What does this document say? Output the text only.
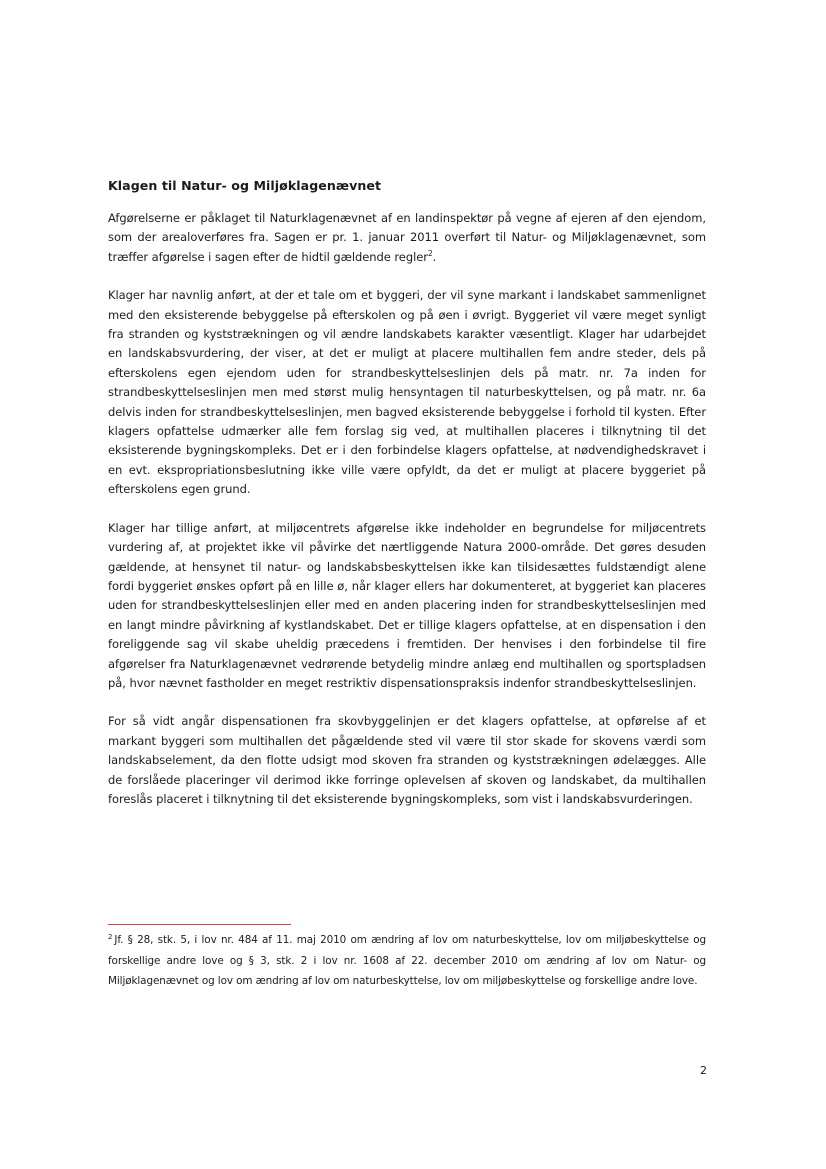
Klagen til Natur- og Miljøklagenævnet

Afgørelserne er påklaget til Naturklagenævnet af en landinspektør på vegne af ejeren af den ejendom, som der arealoverføres fra. Sagen er pr. 1. januar 2011 overført til Natur- og Miljøklagenævnet, som træffer afgørelse i sagen efter de hidtil gældende regler$^2$.

Klager har navnlig anført, at der et tale om et byggeri, der vil syne markant i landskabet sammenlignet med den eksisterende bebyggelse på efterskolen og på øen i øvrigt. Byggeriet vil være meget synligt fra stranden og kyststrækningen og vil ændre landskabets karakter væsentligt. Klager har udarbejdet en landskabsvurdering, der viser, at det er muligt at placere multihallen fem andre steder, dels på efterskolens egen ejendom uden for strandbeskyttelseslinjen dels på matr. nr. 7a inden for strandbeskyttelseslinjen men med størst mulig hensyntagen til naturbeskyttelsen, og på matr. nr. 6a delvis inden for strandbeskyttelseslinjen, men bagved eksisterende bebyggelse i forhold til kysten. Efter klagers opfattelse udmærker alle fem forslag sig ved, at multihallen placeres i tilknytning til det eksisterende bygningskompleks. Det er i den forbindelse klagers opfattelse, at nødvendighedskravet i en evt. ekspropriationsbeslutning ikke ville være opfyldt, da det er muligt at placere byggeriet på efterskolens egen grund.

Klager har tillige anført, at miljøcentrets afgørelse ikke indeholder en begrundelse for miljøcentrets vurdering af, at projektet ikke vil påvirke det nærtliggende Natura 2000-område. Det gøres desuden gældende, at hensynet til natur- og landskabsbeskyttelsen ikke kan tilsidesættes fuldstændigt alene fordi byggeriet ønskes opført på en lille ø, når klager ellers har dokumenteret, at byggeriet kan placeres uden for strandbeskyttelseslinjen eller med en anden placering inden for strandbeskyttelseslinjen med en langt mindre påvirkning af kystlandskabet. Det er tillige klagers opfattelse, at en dispensation i den foreliggende sag vil skabe uheldig præcedens i fremtiden. Der henvises i den forbindelse til fire afgørelser fra Naturklagenævnet vedrørende betydelig mindre anlæg end multihallen og sportspladsen på, hvor nævnet fastholder en meget restriktiv dispensationspraksis indenfor strandbeskyttelseslinjen.

For så vidt angår dispensationen fra skovbyggelinjen er det klagers opfattelse, at opførelse af et markant byggeri som multihallen det pågældende sted vil være til stor skade for skovens værdi som landskabselement, da den flotte udsigt mod skoven fra stranden og kyststrækningen ødelægges. Alle de forslåede placeringer vil derimod ikke forringe oplevelsen af skoven og landskabet, da multihallen foreslås placeret i tilknytning til det eksisterende bygningskompleks, som vist i landskabsvurderingen.

$^2$ Jf. § 28, stk. 5, i lov nr. 484 af 11. maj 2010 om ændring af lov om naturbeskyttelse, lov om miljøbeskyttelse og forskellige andre love og § 3, stk. 2 i lov nr. 1608 af 22. december 2010 om ændring af lov om Natur- og Miljøklagenævnet og lov om ændring af lov om naturbeskyttelse, lov om miljøbeskyttelse og forskellige andre love.

2
